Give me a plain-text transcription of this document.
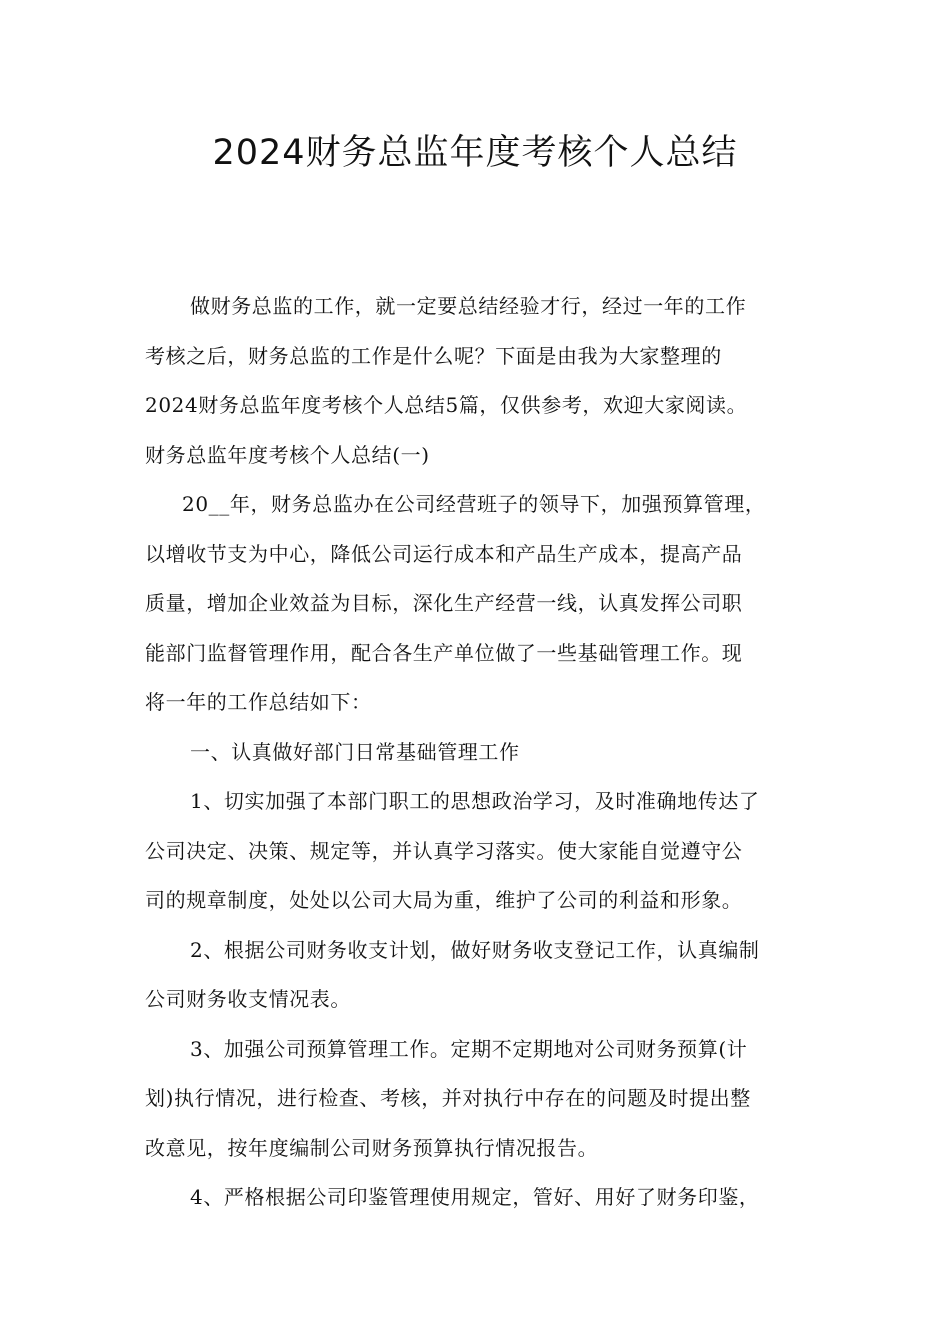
2024财务总监年度考核个人总结
做财务总监的工作，就一定要总结经验才行，经过一年的工作
考核之后，财务总监的工作是什么呢？下面是由我为大家整理的
2024财务总监年度考核个人总结5篇，仅供参考，欢迎大家阅读。
财务总监年度考核个人总结(一)
20__年，财务总监办在公司经营班子的领导下，加强预算管理，
以增收节支为中心，降低公司运行成本和产品生产成本，提高产品
质量，增加企业效益为目标，深化生产经营一线，认真发挥公司职
能部门监督管理作用，配合各生产单位做了一些基础管理工作。现
将一年的工作总结如下：
一、认真做好部门日常基础管理工作
1、切实加强了本部门职工的思想政治学习，及时准确地传达了
公司决定、决策、规定等，并认真学习落实。使大家能自觉遵守公
司的规章制度，处处以公司大局为重，维护了公司的利益和形象。
2、根据公司财务收支计划，做好财务收支登记工作，认真编制
公司财务收支情况表。
3、加强公司预算管理工作。定期不定期地对公司财务预算(计
划)执行情况，进行检查、考核，并对执行中存在的问题及时提出整
改意见，按年度编制公司财务预算执行情况报告。
4、严格根据公司印鉴管理使用规定，管好、用好了财务印鉴，
